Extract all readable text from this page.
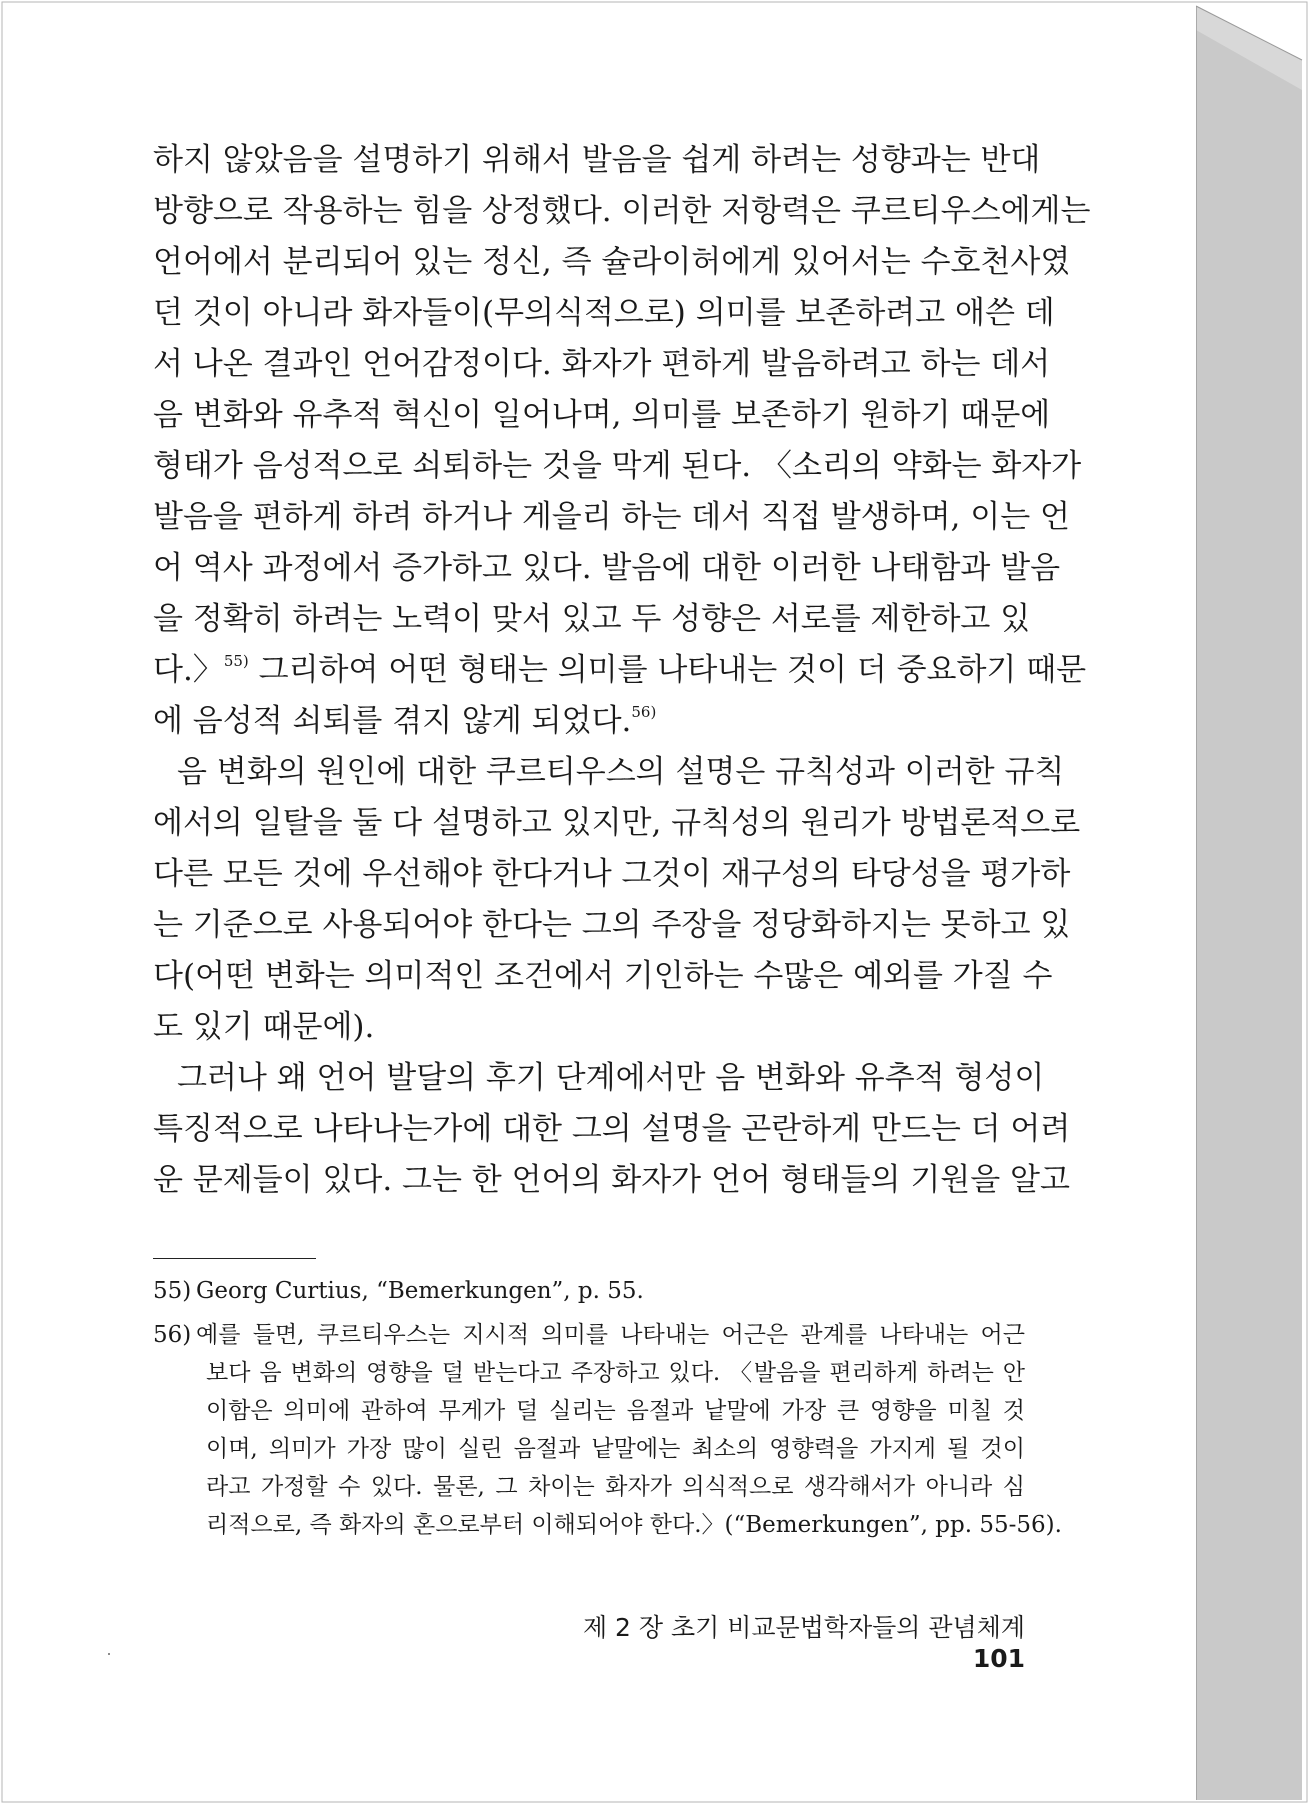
하지 않았음을 설명하기 위해서 발음을 쉽게 하려는 성향과는 반대
방향으로 작용하는 힘을 상정했다. 이러한 저항력은 쿠르티우스에게는
언어에서 분리되어 있는 정신, 즉 슐라이허에게 있어서는 수호천사였
던 것이 아니라 화자들이(무의식적으로) 의미를 보존하려고 애쓴 데
서 나온 결과인 언어감정이다. 화자가 편하게 발음하려고 하는 데서
음 변화와 유추적 혁신이 일어나며, 의미를 보존하기 원하기 때문에
형태가 음성적으로 쇠퇴하는 것을 막게 된다. 〈소리의 약화는 화자가
발음을 편하게 하려 하거나 게을리 하는 데서 직접 발생하며, 이는 언
어 역사 과정에서 증가하고 있다. 발음에 대한 이러한 나태함과 발음
을 정확히 하려는 노력이 맞서 있고 두 성향은 서로를 제한하고 있
다.〉$^{55)}$ 그리하여 어떤 형태는 의미를 나타내는 것이 더 중요하기 때문
에 음성적 쇠퇴를 겪지 않게 되었다.$^{56)}$

음 변화의 원인에 대한 쿠르티우스의 설명은 규칙성과 이러한 규칙
에서의 일탈을 둘 다 설명하고 있지만, 규칙성의 원리가 방법론적으로
다른 모든 것에 우선해야 한다거나 그것이 재구성의 타당성을 평가하
는 기준으로 사용되어야 한다는 그의 주장을 정당화하지는 못하고 있
다(어떤 변화는 의미적인 조건에서 기인하는 수많은 예외를 가질 수
도 있기 때문에).

그러나 왜 언어 발달의 후기 단계에서만 음 변화와 유추적 형성이
특징적으로 나타나는가에 대한 그의 설명을 곤란하게 만드는 더 어려
운 문제들이 있다. 그는 한 언어의 화자가 언어 형태들의 기원을 알고

55) Georg Curtius, “Bemerkungen”, p. 55.
56) 예를 들면, 쿠르티우스는 지시적 의미를 나타내는 어근은 관계를 나타내는 어근
보다 음 변화의 영향을 덜 받는다고 주장하고 있다. 〈발음을 편리하게 하려는 안
이함은 의미에 관하여 무게가 덜 실리는 음절과 낱말에 가장 큰 영향을 미칠 것
이며, 의미가 가장 많이 실린 음절과 낱말에는 최소의 영향력을 가지게 될 것이
라고 가정할 수 있다. 물론, 그 차이는 화자가 의식적으로 생각해서가 아니라 심
리적으로, 즉 화자의 혼으로부터 이해되어야 한다.〉(“Bemerkungen”, pp. 55-56).
제 2 장 초기 비교문법학자들의 관념체계101
